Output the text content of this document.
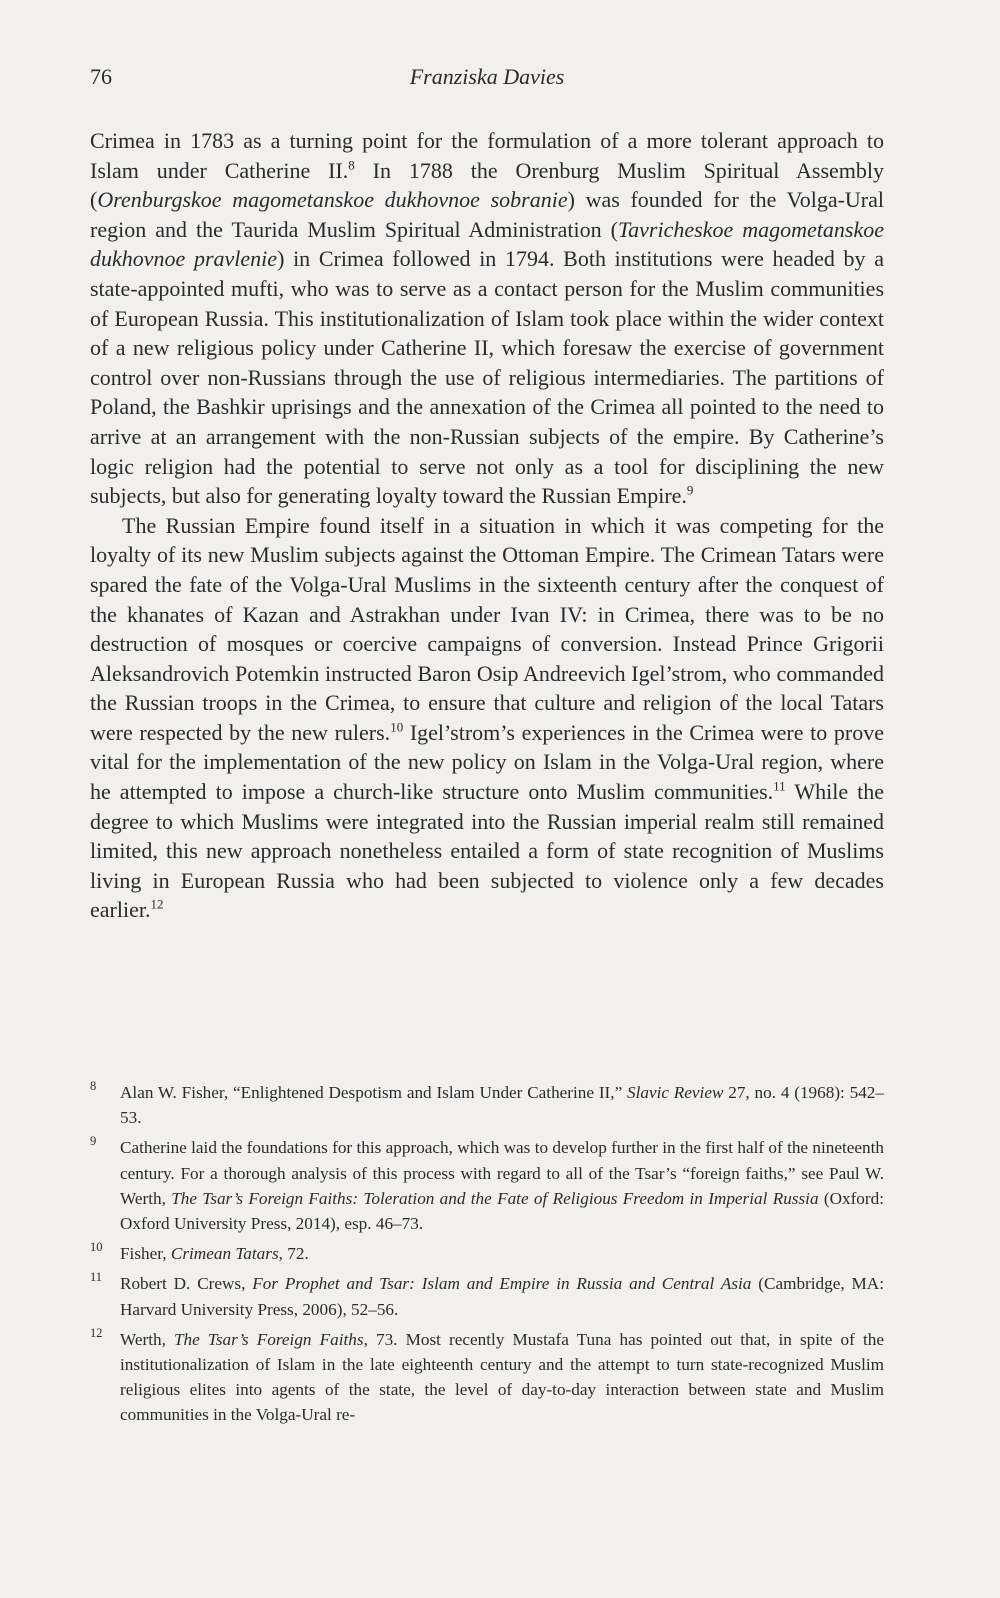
76	Franziska Davies

Crimea in 1783 as a turning point for the formulation of a more tolerant approach to Islam under Catherine II.$^8$ In 1788 the Orenburg Muslim Spiritual Assembly (Orenburgskoe magometanskoe dukhovnoe sobranie) was founded for the Volga-Ural region and the Taurida Muslim Spiritual Administration (Tavricheskoe magometanskoe dukhovnoe pravlenie) in Crimea followed in 1794. Both institutions were headed by a state-appointed mufti, who was to serve as a contact person for the Muslim communities of European Russia. This institutionalization of Islam took place within the wider context of a new religious policy under Catherine II, which foresaw the exercise of government control over non-Russians through the use of religious intermediaries. The partitions of Poland, the Bashkir uprisings and the annexation of the Crimea all pointed to the need to arrive at an arrangement with the non-Russian subjects of the empire. By Catherine’s logic religion had the potential to serve not only as a tool for disciplining the new subjects, but also for generating loyalty toward the Russian Empire.$^9$

The Russian Empire found itself in a situation in which it was competing for the loyalty of its new Muslim subjects against the Ottoman Empire. The Crimean Tatars were spared the fate of the Volga-Ural Muslims in the sixteenth century after the conquest of the khanates of Kazan and Astrakhan under Ivan IV: in Crimea, there was to be no destruction of mosques or coercive campaigns of conversion. Instead Prince Grigorii Aleksandrovich Potemkin instructed Baron Osip Andreevich Igel’strom, who commanded the Russian troops in the Crimea, to ensure that culture and religion of the local Tatars were respected by the new rulers.$^{10}$ Igel’strom’s experiences in the Crimea were to prove vital for the implementation of the new policy on Islam in the Volga-Ural region, where he attempted to impose a church-like structure onto Muslim communities.$^{11}$ While the degree to which Muslims were integrated into the Russian imperial realm still remained limited, this new approach nonetheless entailed a form of state recognition of Muslims living in European Russia who had been subjected to violence only a few decades earlier.$^{12}$

8 Alan W. Fisher, “Enlightened Despotism and Islam Under Catherine II,” Slavic Review 27, no. 4 (1968): 542–53.
9 Catherine laid the foundations for this approach, which was to develop further in the first half of the nineteenth century. For a thorough analysis of this process with regard to all of the Tsar’s “foreign faiths,” see Paul W. Werth, The Tsar’s Foreign Faiths: Toleration and the Fate of Religious Freedom in Imperial Russia (Oxford: Oxford University Press, 2014), esp. 46–73.
10 Fisher, Crimean Tatars, 72.
11 Robert D. Crews, For Prophet and Tsar: Islam and Empire in Russia and Central Asia (Cambridge, MA: Harvard University Press, 2006), 52–56.
12 Werth, The Tsar’s Foreign Faiths, 73. Most recently Mustafa Tuna has pointed out that, in spite of the institutionalization of Islam in the late eighteenth century and the attempt to turn state-recognized Muslim religious elites into agents of the state, the level of day-to-day interaction between state and Muslim communities in the Volga-Ural re-
